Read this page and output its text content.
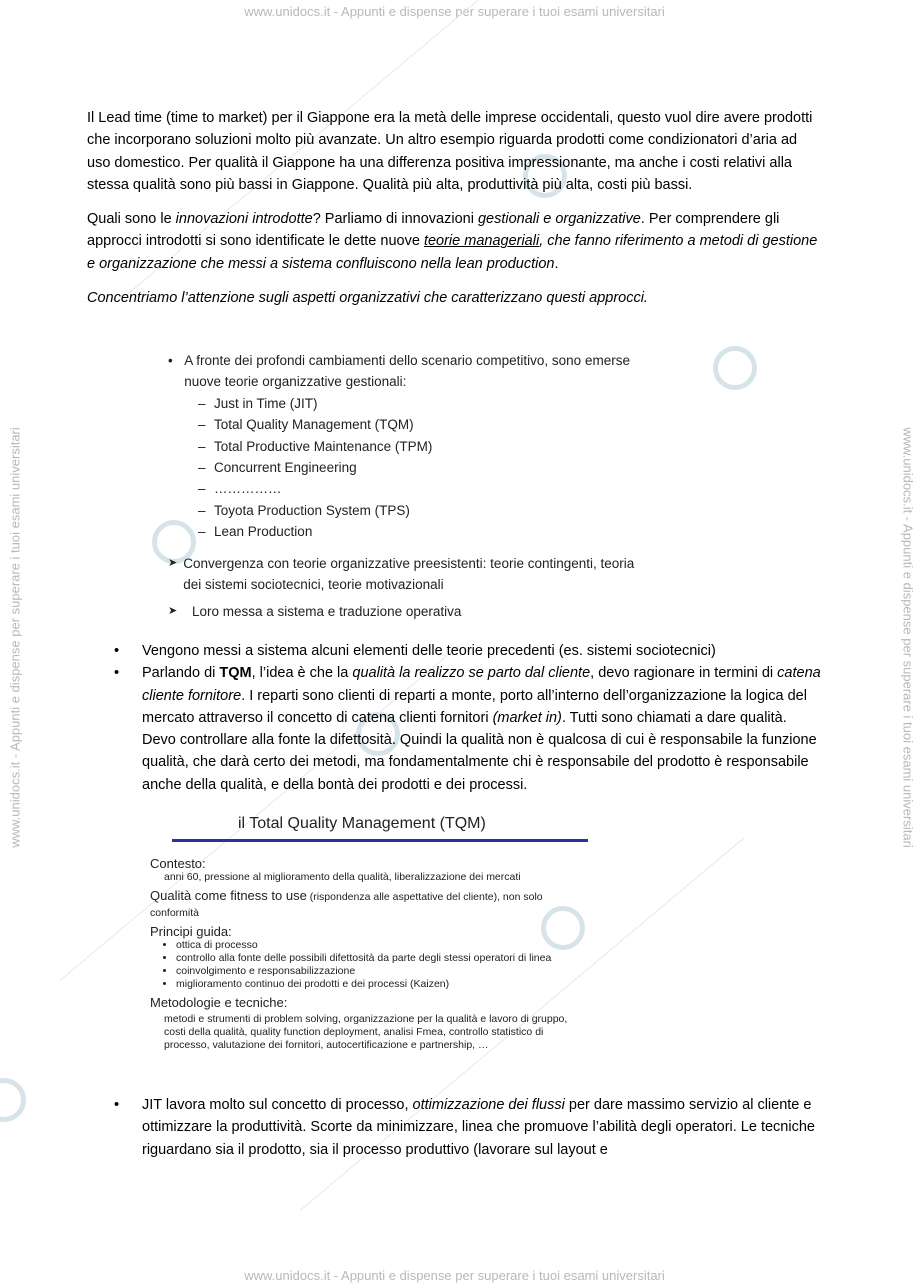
www.unidocs.it - Appunti e dispense per superare i tuoi esami universitari
www.unidocs.it - Appunti e dispense per superare i tuoi esami universitari
www.unidocs.it - Appunti e dispense per superare i tuoi esami universitari	www.unidocs.it - Appunti e dispense per superare i tuoi esami universitari

Il Lead time (time to market) per il Giappone era la metà delle imprese occidentali, questo vuol dire avere prodotti che incorporano soluzioni molto più avanzate. Un altro esempio riguarda prodotti come condizionatori d’aria ad uso domestico. Per qualità il Giappone ha una differenza positiva impressionante, ma anche i costi relativi alla stessa qualità sono più bassi in Giappone. Qualità più alta, produttività più alta, costi più bassi.

Quali sono le innovazioni introdotte? Parliamo di innovazioni gestionali e organizzative. Per comprendere gli approcci introdotti si sono identificate le dette nuove teorie manageriali, che fanno riferimento a metodi di gestione e organizzazione che messi a sistema confluiscono nella lean production.

Concentriamo l’attenzione sugli aspetti organizzativi che caratterizzano questi approcci.

• A fronte dei profondi cambiamenti dello scenario competitivo, sono emerse nuove teorie organizzative gestionali:
– Just in Time (JIT)
– Total Quality Management (TQM)
– Total Productive Maintenance (TPM)
– Concurrent Engineering
– ……………
– Toyota Production System (TPS)
– Lean Production
➤ Convergenza con teorie organizzative preesistenti: teorie contingenti, teoria dei sistemi sociotecnici, teorie motivazionali
➤	Loro messa a sistema e traduzione operativa
•	Vengono messi a sistema alcuni elementi delle teorie precedenti (es. sistemi sociotecnici)
•	Parlando di TQM, l’idea è che la qualità la realizzo se parto dal cliente, devo ragionare in termini di catena cliente fornitore. I reparti sono clienti di reparti a monte, porto all’interno dell’organizzazione la logica del mercato attraverso il concetto di catena clienti fornitori (market in). Tutti sono chiamati a dare qualità. Devo controllare alla fonte la difettosità. Quindi la qualità non è qualcosa di cui è responsabile la funzione qualità, che darà certo dei metodi, ma fondamentalmente chi è responsabile del prodotto è responsabile anche della qualità, e della bontà dei prodotti e dei processi.
il Total Quality Management (TQM)
Contesto:
anni 60, pressione al miglioramento della qualità, liberalizzazione dei mercati
Qualità come fitness to use (rispondenza alle aspettative del cliente), non solo conformità
Principi guida:
• ottica di processo
• controllo alla fonte delle possibili difettosità da parte degli stessi operatori di linea
• coinvolgimento e responsabilizzazione
• miglioramento continuo dei prodotti e dei processi (Kaizen)
Metodologie e tecniche:
metodi e strumenti di problem solving, organizzazione per la qualità e lavoro di gruppo, costi della qualità, quality function deployment, analisi Fmea, controllo statistico di processo, valutazione dei fornitori, autocertificazione e partnership, …
•	JIT lavora molto sul concetto di processo, ottimizzazione dei flussi per dare massimo servizio al cliente e ottimizzare la produttività. Scorte da minimizzare, linea che promuove l’abilità degli operatori. Le tecniche riguardano sia il prodotto, sia il processo produttivo (lavorare sul layout e
